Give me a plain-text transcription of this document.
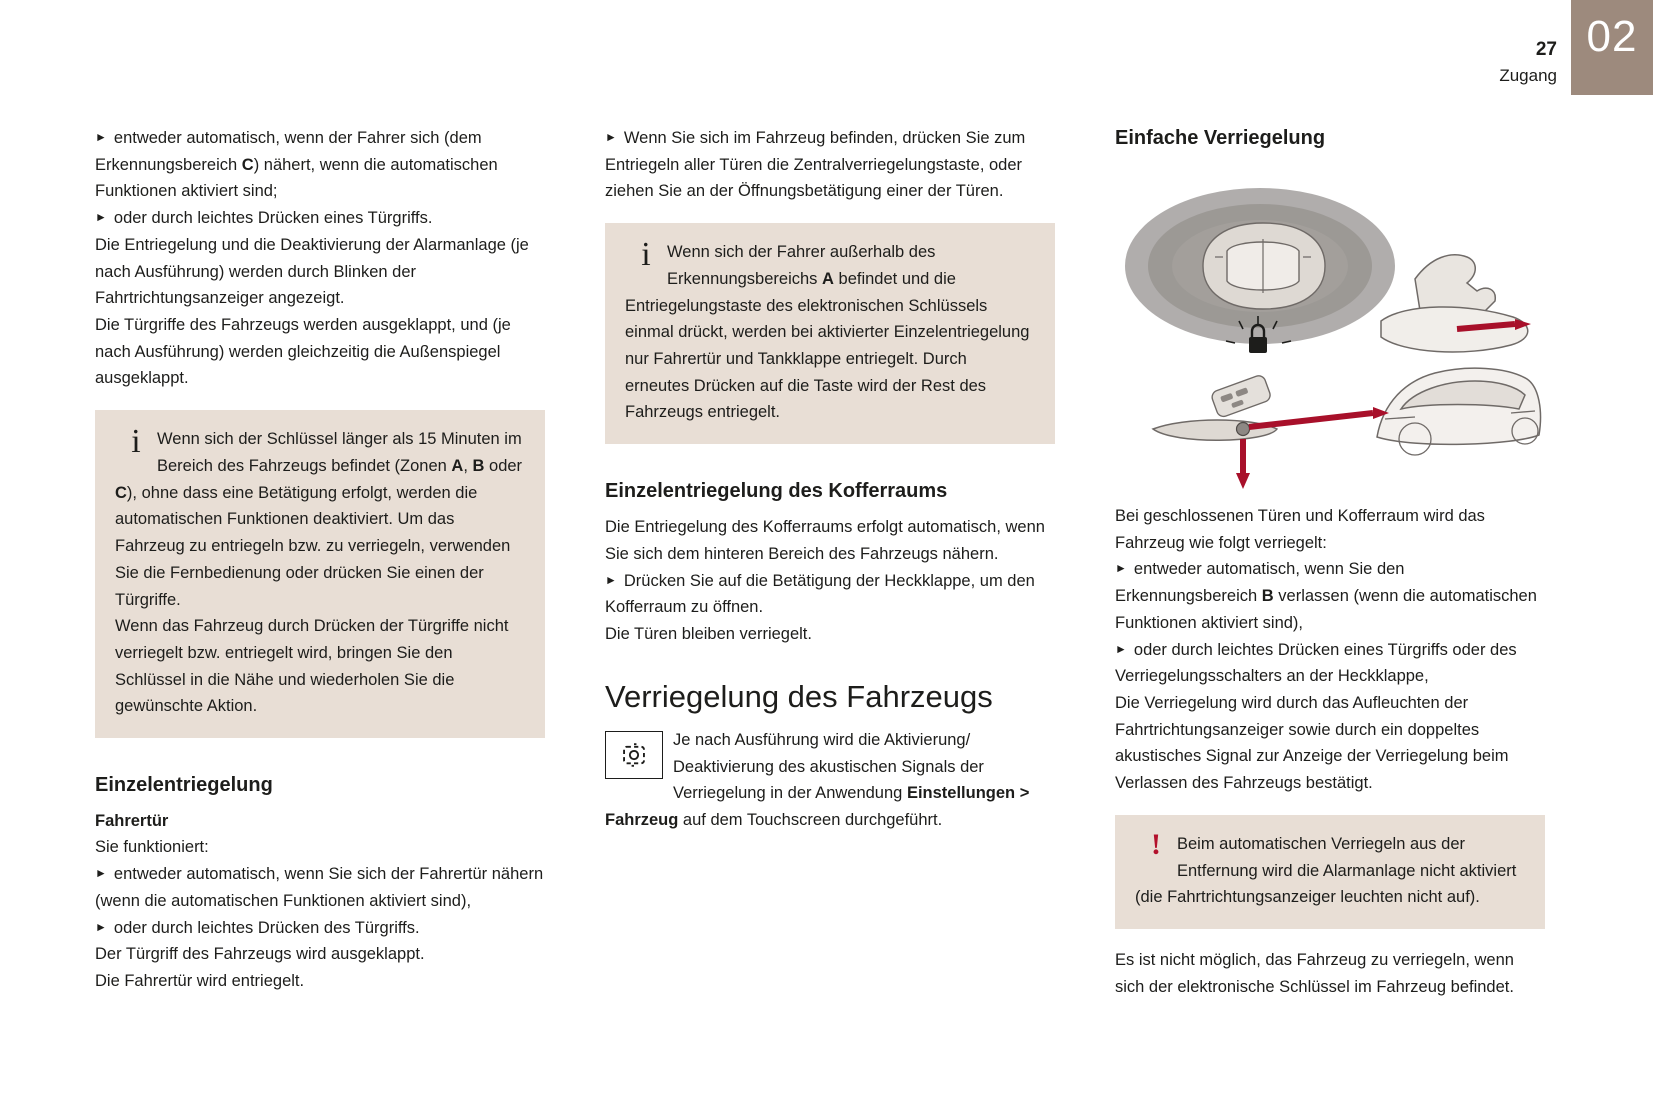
27
Zugang
02
► entweder automatisch, wenn der Fahrer sich (dem Erkennungsbereich C) nähert, wenn die automatischen Funktionen aktiviert sind;
► oder durch leichtes Drücken eines Türgriffs.

Die Entriegelung und die Deaktivierung der Alarmanlage (je nach Ausführung) werden durch Blinken der Fahrtrichtungsanzeiger angezeigt.

Die Türgriffe des Fahrzeugs werden ausgeklappt, und (je nach Ausführung) werden gleichzeitig die Außenspiegel ausgeklappt.

i Wenn sich der Schlüssel länger als 15 Minuten im Bereich des Fahrzeugs befindet (Zonen A, B oder C), ohne dass eine Betätigung erfolgt, werden die automatischen Funktionen deaktiviert. Um das Fahrzeug zu entriegeln bzw. zu verriegeln, verwenden Sie die Fernbedienung oder drücken Sie einen der Türgriffe.
Wenn das Fahrzeug durch Drücken der Türgriffe nicht verriegelt bzw. entriegelt wird, bringen Sie den Schlüssel in die Nähe und wiederholen Sie die gewünschte Aktion.
Einzelentriegelung
Fahrertür

Sie funktioniert:

► entweder automatisch, wenn Sie sich der Fahrertür nähern (wenn die automatischen Funktionen aktiviert sind),
► oder durch leichtes Drücken des Türgriffs.

Der Türgriff des Fahrzeugs wird ausgeklappt.

Die Fahrertür wird entriegelt.

► Wenn Sie sich im Fahrzeug befinden, drücken Sie zum Entriegeln aller Türen die Zentralverriegelungstaste, oder ziehen Sie an der Öffnungsbetätigung einer der Türen.
i Wenn sich der Fahrer außerhalb des Erkennungsbereichs A befindet und die Entriegelungstaste des elektronischen Schlüssels einmal drückt, werden bei aktivierter Einzelentriegelung nur Fahrertür und Tankklappe entriegelt. Durch erneutes Drücken auf die Taste wird der Rest des Fahrzeugs entriegelt.
Einzelentriegelung des Kofferraums

Die Entriegelung des Kofferraums erfolgt automatisch, wenn Sie sich dem hinteren Bereich des Fahrzeugs nähern.

► Drücken Sie auf die Betätigung der Heckklappe, um den Kofferraum zu öffnen.

Die Türen bleiben verriegelt.

Verriegelung des Fahrzeugs
Je nach Ausführung wird die Aktivierung/ Deaktivierung des akustischen Signals der Verriegelung in der Anwendung Einstellungen > Fahrzeug auf dem Touchscreen durchgeführt.
Einfache Verriegelung

Bei geschlossenen Türen und Kofferraum wird das Fahrzeug wie folgt verriegelt:

► entweder automatisch, wenn Sie den Erkennungsbereich B verlassen (wenn die automatischen Funktionen aktiviert sind),
► oder durch leichtes Drücken eines Türgriffs oder des Verriegelungsschalters an der Heckklappe,

Die Verriegelung wird durch das Aufleuchten der Fahrtrichtungsanzeiger sowie durch ein doppeltes akustisches Signal zur Anzeige der Verriegelung beim Verlassen des Fahrzeugs bestätigt.

! Beim automatischen Verriegeln aus der Entfernung wird die Alarmanlage nicht aktiviert (die Fahrtrichtungsanzeiger leuchten nicht auf).

Es ist nicht möglich, das Fahrzeug zu verriegeln, wenn sich der elektronische Schlüssel im Fahrzeug befindet.
